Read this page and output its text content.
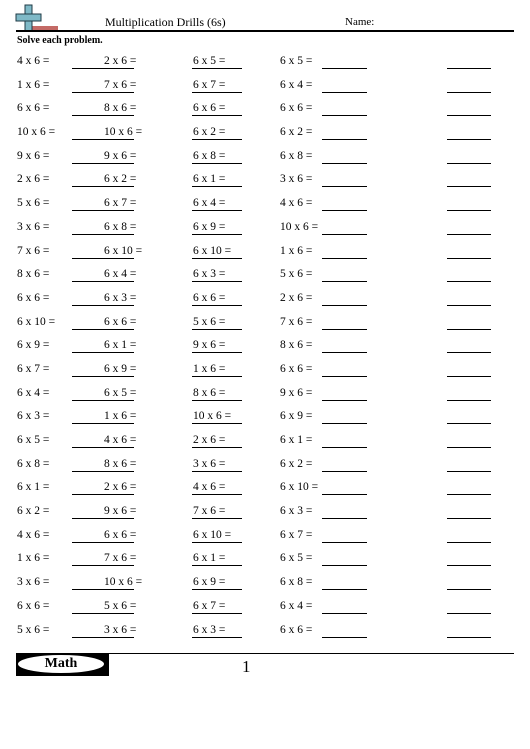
Multiplication Drills (6s)	Name:
Solve each problem.
4 x 6 =	2 x 6 =	6 x 5 =	6 x 5 =
1 x 6 =	7 x 6 =	6 x 7 =	6 x 4 =
6 x 6 =	8 x 6 =	6 x 6 =	6 x 6 =
10 x 6 =	10 x 6 =	6 x 2 =	6 x 2 =
9 x 6 =	9 x 6 =	6 x 8 =	6 x 8 =
2 x 6 =	6 x 2 =	6 x 1 =	3 x 6 =
5 x 6 =	6 x 7 =	6 x 4 =	4 x 6 =
3 x 6 =	6 x 8 =	6 x 9 =	10 x 6 =
7 x 6 =	6 x 10 =	6 x 10 =	1 x 6 =
8 x 6 =	6 x 4 =	6 x 3 =	5 x 6 =
6 x 6 =	6 x 3 =	6 x 6 =	2 x 6 =
6 x 10 =	6 x 6 =	5 x 6 =	7 x 6 =
6 x 9 =	6 x 1 =	9 x 6 =	8 x 6 =
6 x 7 =	6 x 9 =	1 x 6 =	6 x 6 =
6 x 4 =	6 x 5 =	8 x 6 =	9 x 6 =
6 x 3 =	1 x 6 =	10 x 6 =	6 x 9 =
6 x 5 =	4 x 6 =	2 x 6 =	6 x 1 =
6 x 8 =	8 x 6 =	3 x 6 =	6 x 2 =
6 x 1 =	2 x 6 =	4 x 6 =	6 x 10 =
6 x 2 =	9 x 6 =	7 x 6 =	6 x 3 =
4 x 6 =	6 x 6 =	6 x 10 =	6 x 7 =
1 x 6 =	7 x 6 =	6 x 1 =	6 x 5 =
3 x 6 =	10 x 6 =	6 x 9 =	6 x 8 =
6 x 6 =	5 x 6 =	6 x 7 =	6 x 4 =
5 x 6 =	3 x 6 =	6 x 3 =	6 x 6 =
Math	1
